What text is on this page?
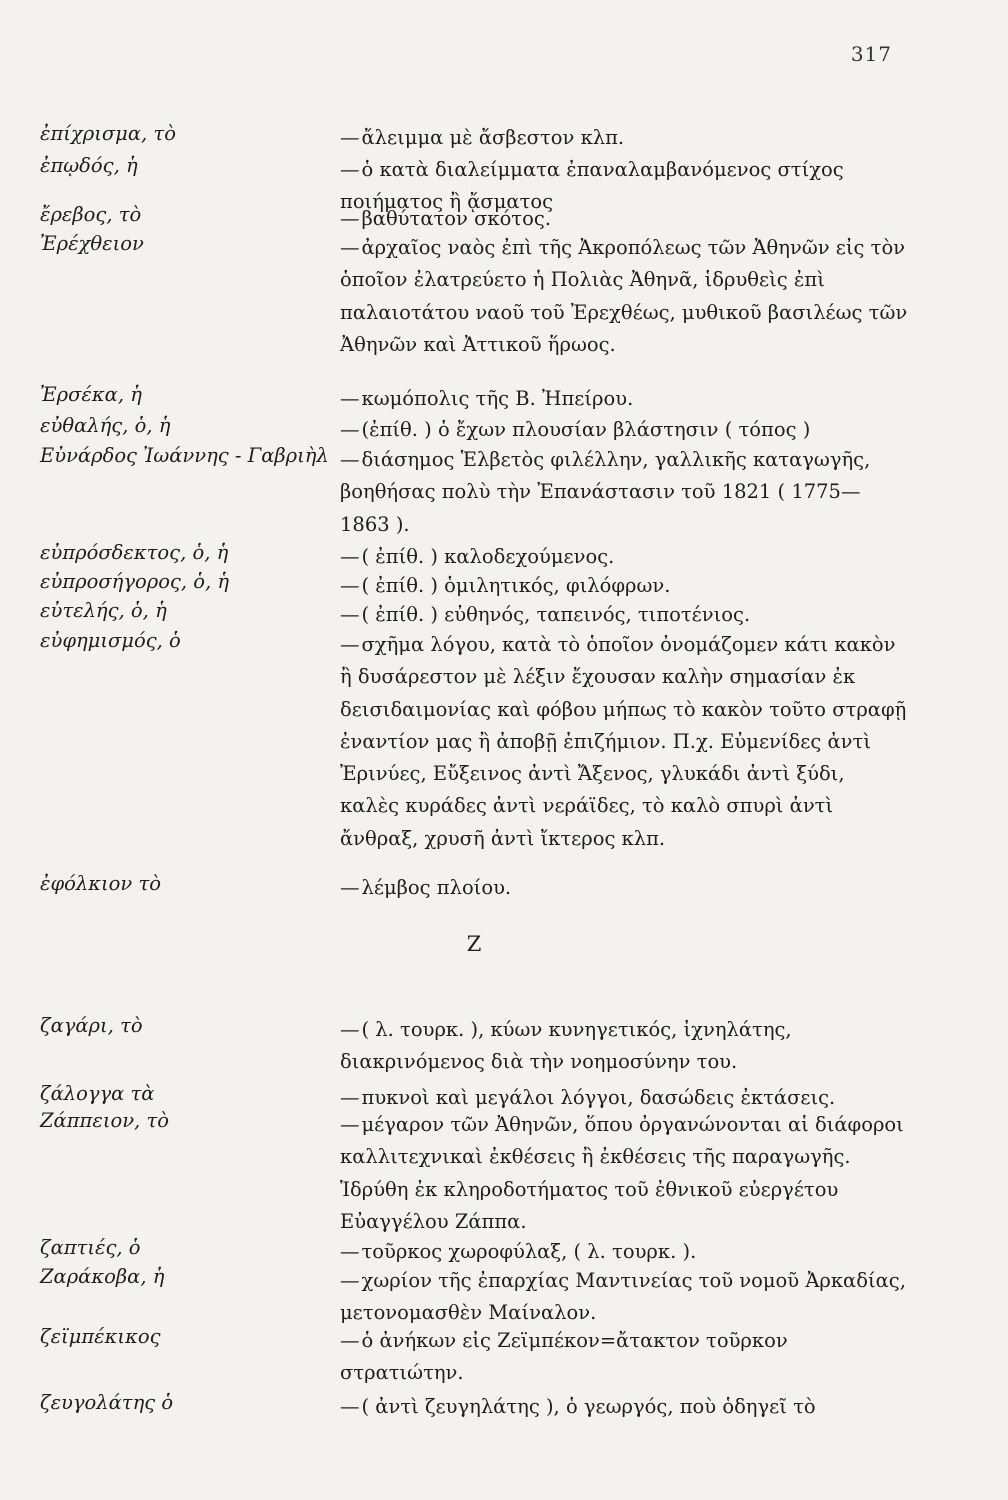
317
ἐπίχρισμα, τὸ	— ἄλειμμα μὲ ἄσβεστον κλπ.
ἐπῳδός, ἡ	— ὁ κατὰ διαλείμματα ἐπαναλαμβανόμενος στίχος ποιήματος ἢ ᾄσματος
ἔρεβος, τὸ	— βαθύτατον σκότος.
Ἐρέχθειον	— ἀρχαῖος ναὸς ἐπὶ τῆς Ἀκροπόλεως τῶν Ἀθηνῶν εἰς τὸν ὁποῖον ἐλατρεύετο ἡ Πολιὰς Ἀθηνᾶ, ἱδρυθεὶς ἐπὶ παλαιοτάτου ναοῦ τοῦ Ἐρεχθέως, μυθικοῦ βασιλέως τῶν Ἀθηνῶν καὶ Ἀττικοῦ ἥρωος.
Ἐρσέκα, ἡ	— κωμόπολις τῆς Β. Ἠπείρου.
εὐθαλής, ὁ, ἡ	— (ἐπίθ. ) ὁ ἔχων πλουσίαν βλάστησιν ( τόπος )
Εὐνάρδος Ἰωάννης - Γαβριὴλ — διάσημος Ἑλβετὸς φιλέλλην, γαλλικῆς καταγωγῆς, βοηθήσας πολὺ τὴν Ἐπανάστασιν τοῦ 1821 ( 1775—1863 ).
εὐπρόσδεκτος, ὁ, ἡ	— ( ἐπίθ. ) καλοδεχούμενος.
εὐπροσήγορος, ὁ, ἡ	— ( ἐπίθ. ) ὁμιλητικός, φιλόφρων.
εὐτελής, ὁ, ἡ	— ( ἐπίθ. ) εὐθηνός, ταπεινός, τιποτένιος.
εὐφημισμός, ὁ	— σχῆμα λόγου, κατὰ τὸ ὁποῖον ὀνομάζομεν κάτι κακὸν ἢ δυσάρεστον μὲ λέξιν ἔχουσαν καλὴν σημασίαν ἐκ δεισιδαιμονίας καὶ φόβου μήπως τὸ κακὸν τοῦτο στραφῇ ἐναντίον μας ἢ ἀποβῇ ἐπιζήμιον. Π.χ. Εὐμενίδες ἀντὶ Ἐρινύες, Εὔξεινος ἀντὶ Ἄξενος, γλυκάδι ἀντὶ ξύδι, καλὲς κυράδες ἀντὶ νεράϊδες, τὸ καλὸ σπυρὶ ἀντὶ ἄνθραξ, χρυσῆ ἀντὶ ἴκτερος κλπ.
ἐφόλκιον τὸ	— λέμβος πλοίου.
Ζ
ζαγάρι, τὸ	— ( λ. τουρκ. ), κύων κυνηγετικός, ἰχνηλάτης, διακρινόμενος διὰ τὴν νοημοσύνην του.
ζάλογγα τὰ	— πυκνοὶ καὶ μεγάλοι λόγγοι, δασώδεις ἐκτάσεις.
Ζάππειον, τὸ	— μέγαρον τῶν Ἀθηνῶν, ὅπου ὀργανώνονται αἱ διάφοροι καλλιτεχνικαὶ ἐκθέσεις ἢ ἐκθέσεις τῆς παραγωγῆς. Ἱδρύθη ἐκ κληροδοτήματος τοῦ ἐθνικοῦ εὐεργέτου Εὐαγγέλου Ζάππα.
ζαπτιές, ὁ	— τοῦρκος χωροφύλαξ, ( λ. τουρκ. ).
Ζαράκοβα, ἡ	— χωρίον τῆς ἐπαρχίας Μαντινείας τοῦ νομοῦ Ἀρκαδίας, μετονομασθὲν Μαίναλον.
ζεϊμπέκικος	— ὁ ἀνήκων εἰς Ζεϊμπέκον=ἄτακτον τοῦρκον στρατιώτην.
ζευγολάτης ὁ	— ( ἀντὶ ζευγηλάτης ), ὁ γεωργός, ποὺ ὁδηγεῖ τὸ
